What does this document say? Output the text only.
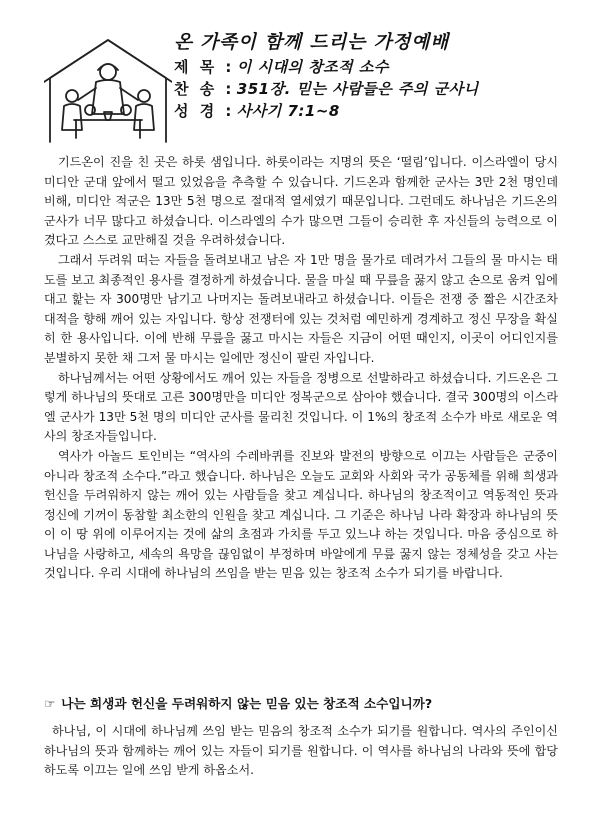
온 가족이 함께 드리는 가정예배
제 목 : 이 시대의 창조적 소수
찬 송 : 351장. 믿는 사람들은 주의 군사니
성 경 : 사사기 7:1~8

기드온이 진을 친 곳은 하롯 샘입니다. 하롯이라는 지명의 뜻은 ‘떨림’입니다. 이스라엘이 당시 미디안 군대 앞에서 떨고 있었음을 추측할 수 있습니다. 기드온과 함께한 군사는 3만 2천 명인데 비해, 미디안 적군은 13만 5천 명으로 절대적 열세였기 때문입니다. 그런데도 하나님은 기드온의 군사가 너무 많다고 하셨습니다. 이스라엘의 수가 많으면 그들이 승리한 후 자신들의 능력으로 이겼다고 스스로 교만해질 것을 우려하셨습니다.

그래서 두려워 떠는 자들을 돌려보내고 남은 자 1만 명을 물가로 데려가서 그들의 물 마시는 태도를 보고 최종적인 용사를 결정하게 하셨습니다. 물을 마실 때 무릎을 꿇지 않고 손으로 움켜 입에 대고 핥는 자 300명만 남기고 나머지는 돌려보내라고 하셨습니다. 이들은 전쟁 중 짧은 시간조차 대적을 향해 깨어 있는 자입니다. 항상 전쟁터에 있는 것처럼 예민하게 경계하고 정신 무장을 확실히 한 용사입니다. 이에 반해 무릎을 꿇고 마시는 자들은 지금이 어떤 때인지, 이곳이 어디인지를 분별하지 못한 채 그저 물 마시는 일에만 정신이 팔린 자입니다.

하나님께서는 어떤 상황에서도 깨어 있는 자들을 정병으로 선발하라고 하셨습니다. 기드온은 그렇게 하나님의 뜻대로 고른 300명만을 미디안 정복군으로 삼아야 했습니다. 결국 300명의 이스라엘 군사가 13만 5천 명의 미디안 군사를 물리친 것입니다. 이 1%의 창조적 소수가 바로 새로운 역사의 창조자들입니다.

역사가 아놀드 토인비는 “역사의 수레바퀴를 진보와 발전의 방향으로 이끄는 사람들은 군중이 아니라 창조적 소수다.”라고 했습니다. 하나님은 오늘도 교회와 사회와 국가 공동체를 위해 희생과 헌신을 두려워하지 않는 깨어 있는 사람들을 찾고 계십니다. 하나님의 창조적이고 역동적인 뜻과 정신에 기꺼이 동참할 최소한의 인원을 찾고 계십니다. 그 기준은 하나님 나라 확장과 하나님의 뜻이 이 땅 위에 이루어지는 것에 삶의 초점과 가치를 두고 있느냐 하는 것입니다. 마음 중심으로 하나님을 사랑하고, 세속의 욕망을 끊임없이 부정하며 바알에게 무릎 꿇지 않는 정체성을 갖고 사는 것입니다. 우리 시대에 하나님의 쓰임을 받는 믿음 있는 창조적 소수가 되기를 바랍니다.

☞ 나는 희생과 헌신을 두려워하지 않는 믿음 있는 창조적 소수입니까?

하나님, 이 시대에 하나님께 쓰임 받는 믿음의 창조적 소수가 되기를 원합니다. 역사의 주인이신 하나님의 뜻과 함께하는 깨어 있는 자들이 되기를 원합니다. 이 역사를 하나님의 나라와 뜻에 합당하도록 이끄는 일에 쓰임 받게 하옵소서.
